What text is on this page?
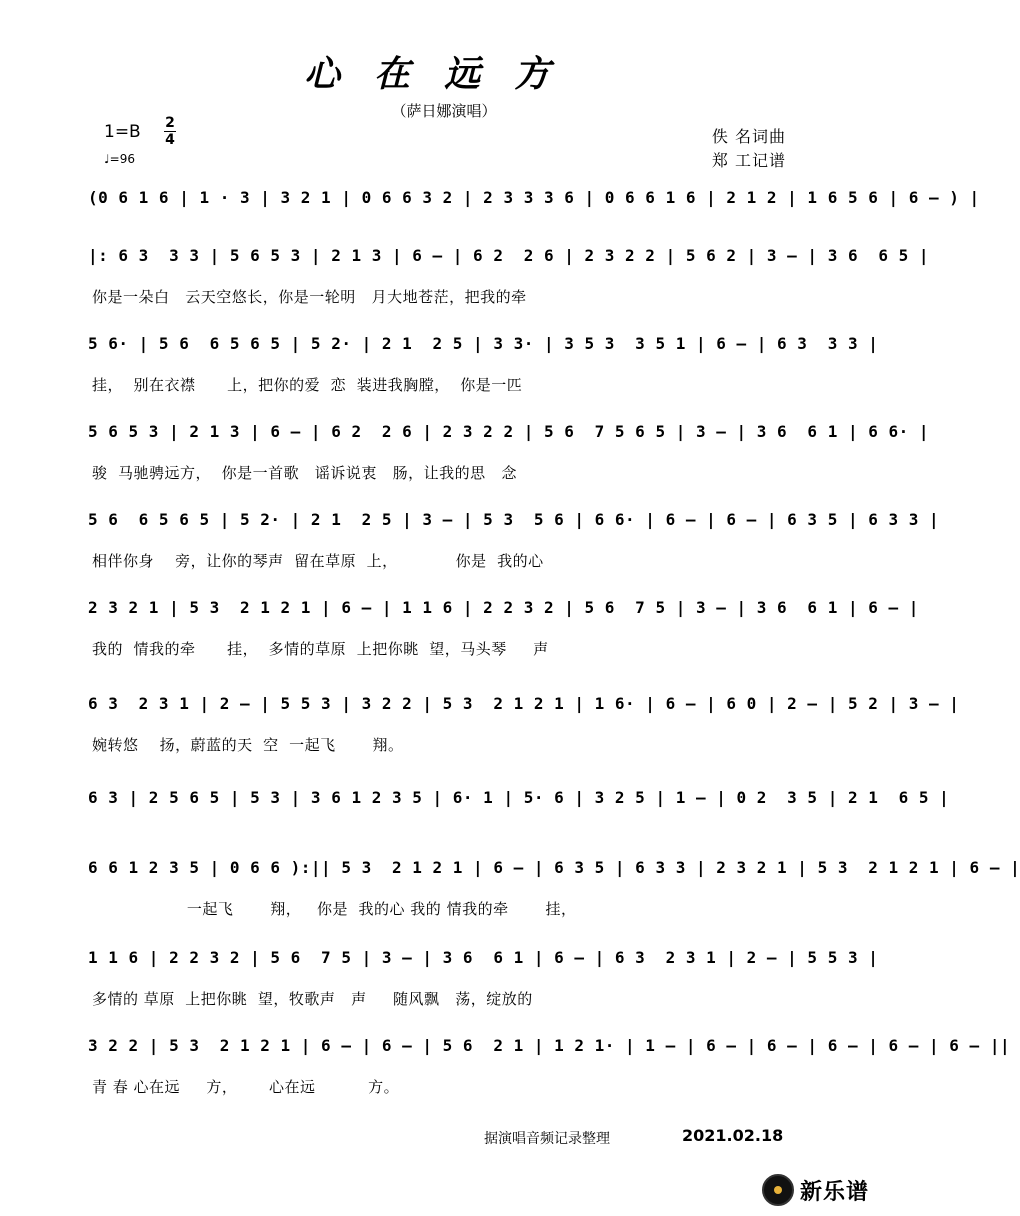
心在远方
（萨日娜演唱）
1=B 2
4
♩=96
佚 名词曲
郑 工记谱
(0 6 1 6 | 1 · 3 | 3 2 1 | 0 6 6 3 2 | 2 3 3 3 6 | 0 6 6 1 6 | 2 1 2 | 1 6 5 6 | 6 – ) |
|: 6 3  3 3 | 5 6 5 3 | 2 1 3 | 6 – | 6 2  2 6 | 2 3 2 2 | 5 6 2 | 3 – | 3 6  6 5 |
你是一朵白   云天空悠长，你是一轮明   月大地苍茫，把我的牵
5 6· | 5 6  6 5 6 5 | 5 2· | 2 1  2 5 | 3 3· | 3 5 3  3 5 1 | 6 – | 6 3  3 3 |
挂，  别在衣襟      上，把你的爱  恋  装进我胸膛，  你是一匹
5 6 5 3 | 2 1 3 | 6 – | 6 2  2 6 | 2 3 2 2 | 5 6  7 5 6 5 | 3 – | 3 6  6 1 | 6 6· |
骏  马驰骋远方，  你是一首歌   谣诉说衷   肠，让我的思   念
5 6  6 5 6 5 | 5 2· | 2 1  2 5 | 3 – | 5 3  5 6 | 6 6· | 6 – | 6 – | 6 3 5 | 6 3 3 |
相伴你身    旁，让你的琴声  留在草原  上，           你是  我的心
2 3 2 1 | 5 3  2 1 2 1 | 6 – | 1 1 6 | 2 2 3 2 | 5 6  7 5 | 3 – | 3 6  6 1 | 6 – |
我的  情我的牵      挂，  多情的草原  上把你眺  望，马头琴     声
6 3  2 3 1 | 2 – | 5 5 3 | 3 2 2 | 5 3  2 1 2 1 | 1 6· | 6 – | 6 0 | 2 – | 5 2 | 3 – |
婉转悠    扬，蔚蓝的天  空  一起飞       翔。
6 3 | 2 5 6 5 | 5 3 | 3 6 1 2 3 5 | 6· 1 | 5· 6 | 3 2 5 | 1 – | 0 2  3 5 | 2 1  6 5 |
6 6 1 2 3 5 | 0 6 6 ):|| 5 3  2 1 2 1 | 6 – | 6 3 5 | 6 3 3 | 2 3 2 1 | 5 3  2 1 2 1 | 6 – |
一起飞       翔，   你是  我的心 我的 情我的牵       挂，
1 1 6 | 2 2 3 2 | 5 6  7 5 | 3 – | 3 6  6 1 | 6 – | 6 3  2 3 1 | 2 – | 5 5 3 |
多情的 草原  上把你眺  望，牧歌声   声     随风飘   荡，绽放的
3 2 2 | 5 3  2 1 2 1 | 6 – | 6 – | 5 6  2 1 | 1 2 1· | 1 – | 6 – | 6 – | 6 – | 6 – | 6 – ||
青 春 心在远     方，      心在远          方。
据演唱音频记录整理	2021.02.18
新乐谱
